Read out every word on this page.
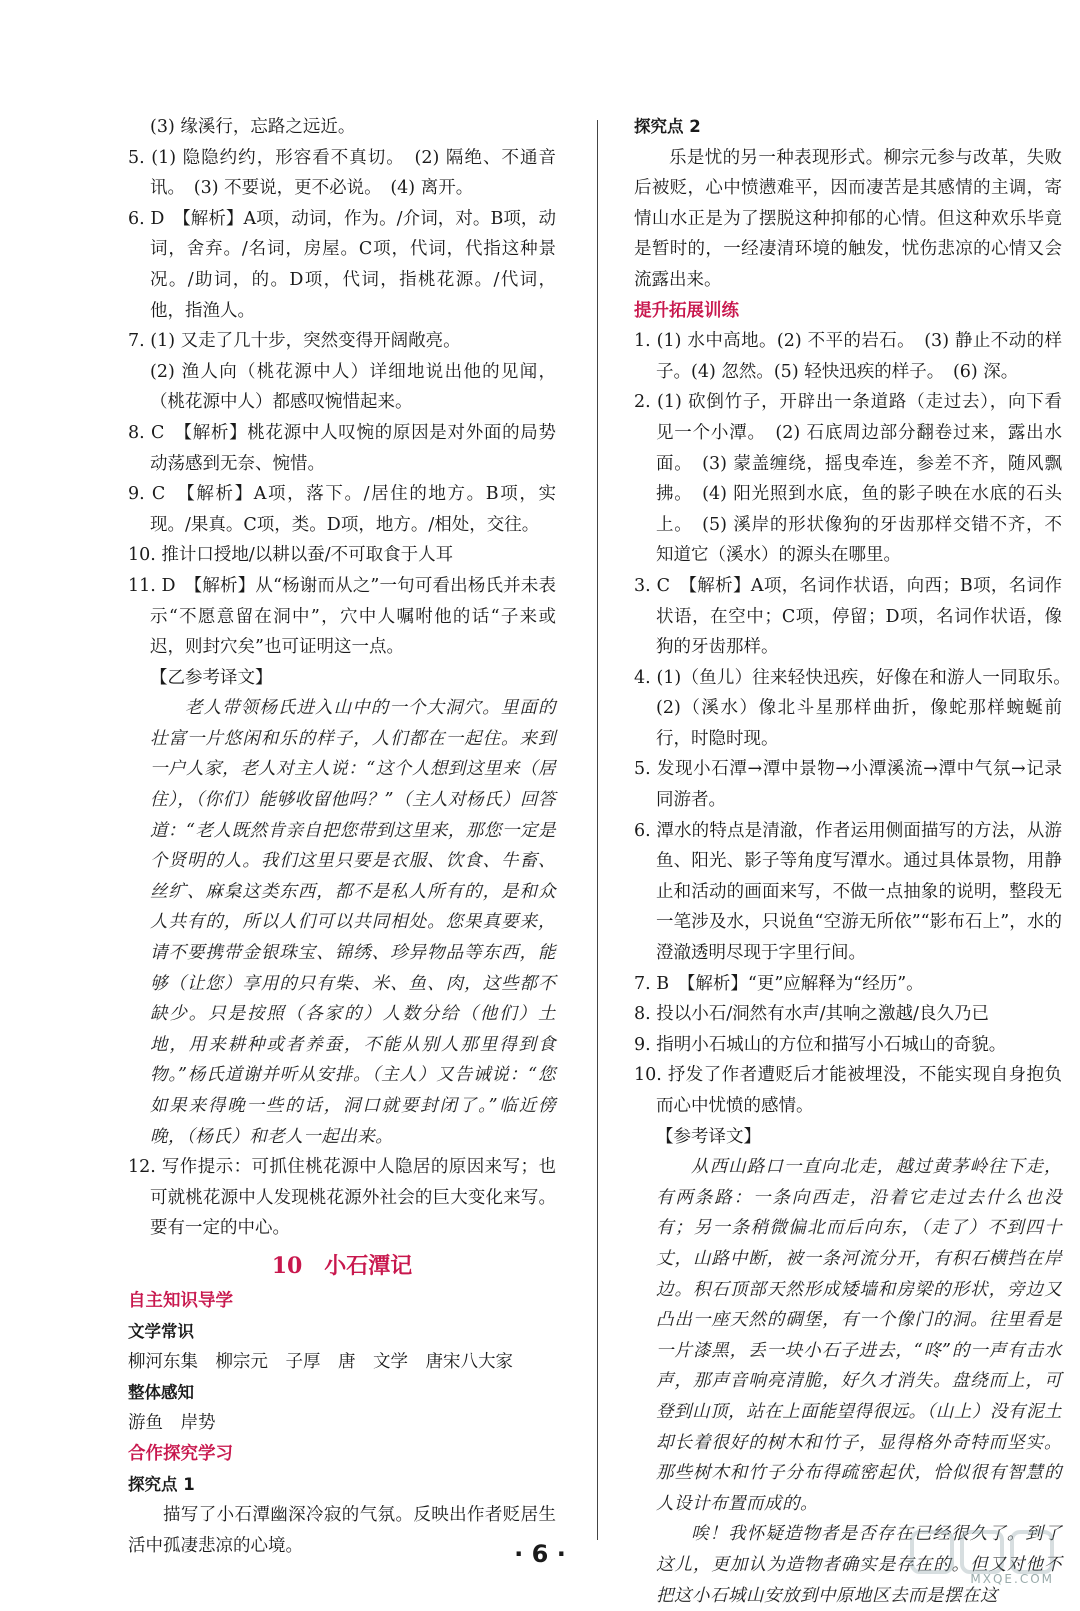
(3) 缘溪行，忘路之远近。

5. (1) 隐隐约约，形容看不真切。　(2) 隔绝、不通音讯。　(3) 不要说，更不必说。　(4) 离开。

6. D　【解析】A项，动词，作为。/介词，对。B项，动词，舍弃。/名词，房屋。C项，代词，代指这种景况。/助词，的。D项，代词，指桃花源。/代词，他，指渔人。

7. (1) 又走了几十步，突然变得开阔敞亮。

(2) 渔人向（桃花源中人）详细地说出他的见闻，（桃花源中人）都感叹惋惜起来。

8. C　【解析】桃花源中人叹惋的原因是对外面的局势动荡感到无奈、惋惜。

9. C　【解析】A项，落下。/居住的地方。B项，实现。/果真。C项，类。D项，地方。/相处，交往。

10. 推计口授地/以耕以蚕/不可取食于人耳

11. D　【解析】从“杨谢而从之”一句可看出杨氏并未表示“不愿意留在洞中”，穴中人嘱咐他的话“子来或迟，则封穴矣”也可证明这一点。

【乙参考译文】

老人带领杨氏进入山中的一个大洞穴。里面的壮富一片悠闲和乐的样子，人们都在一起住。来到一户人家，老人对主人说：“这个人想到这里来（居住），（你们）能够收留他吗？”（主人对杨氏）回答道：“老人既然肯亲自把您带到这里来，那您一定是个贤明的人。我们这里只要是衣服、饮食、牛畜、丝纩、麻枲这类东西，都不是私人所有的，是和众人共有的，所以人们可以共同相处。您果真要来，请不要携带金银珠宝、锦绣、珍异物品等东西，能够（让您）享用的只有柴、米、鱼、肉，这些都不缺少。只是按照（各家的）人数分给（他们）土地，用来耕种或者养蚕，不能从别人那里得到食物。”杨氏道谢并听从安排。（主人）又告诫说：“您如果来得晚一些的话，洞口就要封闭了。”临近傍晚，（杨氏）和老人一起出来。

12. 写作提示：可抓住桃花源中人隐居的原因来写；也可就桃花源中人发现桃花源外社会的巨大变化来写。要有一定的中心。

10　小石潭记

自主知识导学

文学常识

柳河东集　柳宗元　子厚　唐　文学　唐宋八大家

整体感知

游鱼　岸势

合作探究学习

探究点 1

描写了小石潭幽深冷寂的气氛。反映出作者贬居生活中孤凄悲凉的心境。

探究点 2

乐是忧的另一种表现形式。柳宗元参与改革，失败后被贬，心中愤懑难平，因而凄苦是其感情的主调，寄情山水正是为了摆脱这种抑郁的心情。但这种欢乐毕竟是暂时的，一经凄清环境的触发，忧伤悲凉的心情又会流露出来。

提升拓展训练

1. (1) 水中高地。(2) 不平的岩石。　(3) 静止不动的样子。(4) 忽然。(5) 轻快迅疾的样子。　(6) 深。

2. (1) 砍倒竹子，开辟出一条道路（走过去），向下看见一个小潭。　(2) 石底周边部分翻卷过来，露出水面。　(3) 蒙盖缠绕，摇曳牵连，参差不齐，随风飘拂。　(4) 阳光照到水底，鱼的影子映在水底的石头上。　(5) 溪岸的形状像狗的牙齿那样交错不齐，不知道它（溪水）的源头在哪里。

3. C　【解析】A项，名词作状语，向西；B项，名词作状语，在空中；C项，停留；D项，名词作状语，像狗的牙齿那样。

4. (1)（鱼儿）往来轻快迅疾，好像在和游人一同取乐。　(2)（溪水）像北斗星那样曲折，像蛇那样蜿蜒前行，时隐时现。

5. 发现小石潭→潭中景物→小潭溪流→潭中气氛→记录同游者。

6. 潭水的特点是清澈，作者运用侧面描写的方法，从游鱼、阳光、影子等角度写潭水。通过具体景物，用静止和活动的画面来写，不做一点抽象的说明，整段无一笔涉及水，只说鱼“空游无所依”“影布石上”，水的澄澈透明尽现于字里行间。

7. B　【解析】“更”应解释为“经历”。

8. 投以小石/洞然有水声/其响之激越/良久乃已

9. 指明小石城山的方位和描写小石城山的奇貌。

10. 抒发了作者遭贬后才能被埋没，不能实现自身抱负而心中忧愤的感情。

【参考译文】

从西山路口一直向北走，越过黄茅岭往下走，有两条路：一条向西走，沿着它走过去什么也没有；另一条稍微偏北而后向东，（走了）不到四十丈，山路中断，被一条河流分开，有积石横挡在岸边。积石顶部天然形成矮墙和房梁的形状，旁边又凸出一座天然的碉堡，有一个像门的洞。往里看是一片漆黑，丢一块小石子进去，“咚”的一声有击水声，那声音响亮清脆，好久才消失。盘绕而上，可登到山顶，站在上面能望得很远。（山上）没有泥土却长着很好的树木和竹子，显得格外奇特而坚实。那些树木和竹子分布得疏密起伏，恰似很有智慧的人设计布置而成的。

唉！我怀疑造物者是否存在已经很久了。到了这儿，更加认为造物者确实是存在的。但又对他不把这小石城山安放到中原地区去而是摆在这

· 6 ·
MXQE.COM
